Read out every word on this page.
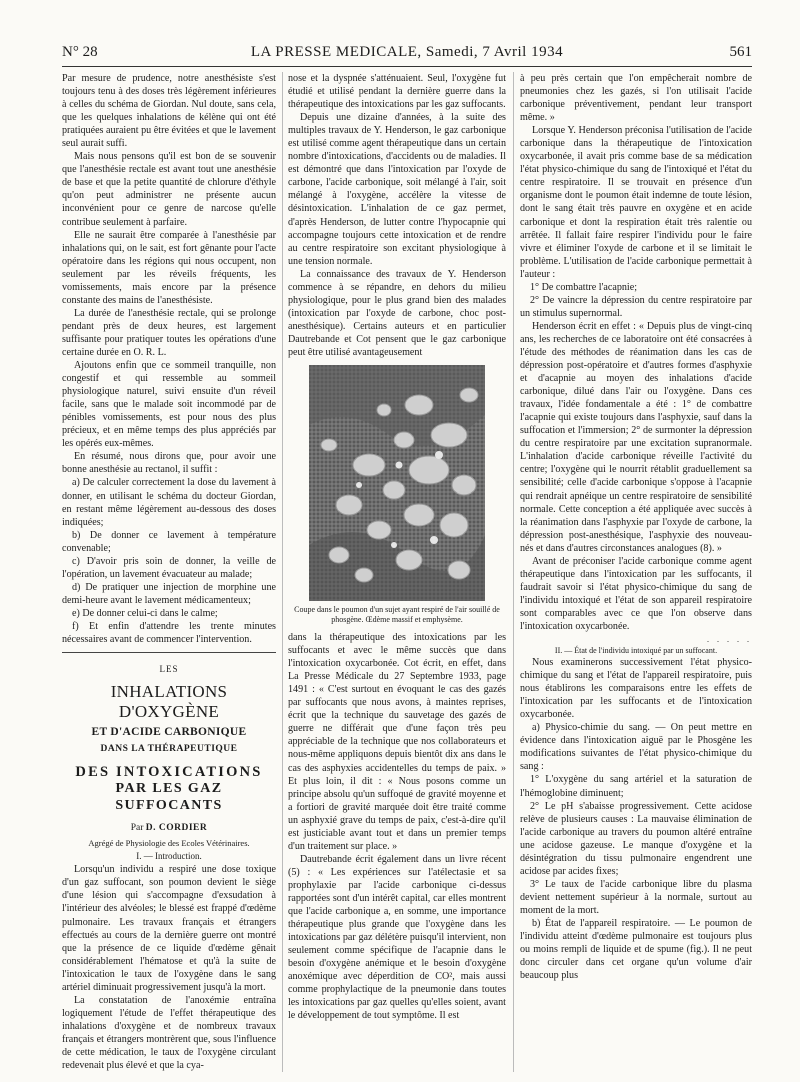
N° 28	LA PRESSE MEDICALE, Samedi, 7 Avril 1934	561

Par mesure de prudence, notre anesthésiste s'est toujours tenu à des doses très légèrement inférieures à celles du schéma de Giordan. Nul doute, sans cela, que les quelques inhalations de kélène qui ont été pratiquées auraient pu être évitées et que le lavement seul aurait suffi.

Mais nous pensons qu'il est bon de se souvenir que l'anesthésie rectale est avant tout une anesthésie de base et que la petite quantité de chlorure d'éthyle qu'on peut administrer ne présente aucun inconvénient pour ce genre de narcose qu'elle contribue seulement à parfaire.

Elle ne saurait être comparée à l'anesthésie par inhalations qui, on le sait, est fort gênante pour l'acte opératoire dans les régions qui nous occupent, non seulement par les réveils fréquents, les vomissements, mais encore par la présence constante des mains de l'anesthésiste.

La durée de l'anesthésie rectale, qui se prolonge pendant près de deux heures, est largement suffisante pour pratiquer toutes les opérations d'une certaine durée en O. R. L.

Ajoutons enfin que ce sommeil tranquille, non congestif et qui ressemble au sommeil physiologique naturel, suivi ensuite d'un réveil facile, sans que le malade soit incommodé par de pénibles vomissements, est pour nous des plus précieux, et en même temps des plus appréciés par les opérés eux-mêmes.

En résumé, nous dirons que, pour avoir une bonne anesthésie au rectanol, il suffit :

a) De calculer correctement la dose du lavement à donner, en utilisant le schéma du docteur Giordan, en restant même légèrement au-dessous des doses indiquées;

b) De donner ce lavement à température convenable;

c) D'avoir pris soin de donner, la veille de l'opération, un lavement évacuateur au malade;

d) De pratiquer une injection de morphine une demi-heure avant le lavement médicamenteux;

e) De donner celui-ci dans le calme;

f) Et enfin d'attendre les trente minutes nécessaires avant de commencer l'intervention.

LES
INHALATIONS D'OXYGÈNE
ET D'ACIDE CARBONIQUE
DANS LA THÉRAPEUTIQUE
DES INTOXICATIONS
PAR LES GAZ SUFFOCANTS
Par D. CORDIER
Agrégé de Physiologie des Ecoles Vétérinaires.

I. — Introduction.

Lorsqu'un individu a respiré une dose toxique d'un gaz suffocant, son poumon devient le siège d'une lésion qui s'accompagne d'exsudation à l'intérieur des alvéoles; le blessé est frappé d'œdème pulmonaire. Les travaux français et étrangers effectués au cours de la dernière guerre ont montré que la présence de ce liquide d'œdème gênait considérablement l'hématose et qu'à la suite de l'intoxication le taux de l'oxygène dans le sang artériel diminuait progressivement jusqu'à la mort.

La constatation de l'anoxémie entraîna logiquement l'étude de l'effet thérapeutique des inhalations d'oxygène et de nombreux travaux français et étrangers montrèrent que, sous l'influence de cette médication, le taux de l'oxygène circulant redevenait plus élevé et que la cya-

nose et la dyspnée s'atténuaient. Seul, l'oxygène fut étudié et utilisé pendant la dernière guerre dans la thérapeutique des intoxications par les gaz suffocants.

Depuis une dizaine d'années, à la suite des multiples travaux de Y. Henderson, le gaz carbonique est utilisé comme agent thérapeutique dans un certain nombre d'intoxications, d'accidents ou de maladies. Il est démontré que dans l'intoxication par l'oxyde de carbone, l'acide carbonique, soit mélangé à l'air, soit mélangé à l'oxygène, accélère la vitesse de désintoxication. L'inhalation de ce gaz permet, d'après Henderson, de lutter contre l'hypocapnie qui accompagne toujours cette intoxication et de rendre au centre respiratoire son excitant physiologique à une tension normale.

La connaissance des travaux de Y. Henderson commence à se répandre, en dehors du milieu physiologique, pour le plus grand bien des malades (intoxication par l'oxyde de carbone, choc post-anesthésique). Certains auteurs et en particulier Dautrebande et Cot pensent que le gaz carbonique peut être utilisé avantageusement

Coupe dans le poumon d'un sujet ayant respiré de l'air souillé de phosgène. Œdème massif et emphysème.

dans la thérapeutique des intoxications par les suffocants et avec le même succès que dans l'intoxication oxycarbonée. Cot écrit, en effet, dans La Presse Médicale du 27 Septembre 1933, page 1491 : « C'est surtout en évoquant le cas des gazés par suffocants que nous avons, à maintes reprises, écrit que la technique du sauvetage des gazés de guerre ne différait que d'une façon très peu appréciable de la technique que nos collaborateurs et nous-même appliquons depuis bientôt dix ans dans le cas des asphyxies accidentelles du temps de paix. » Et plus loin, il dit : « Nous posons comme un principe absolu qu'un suffoqué de gravité moyenne et a fortiori de gravité marquée doit être traité comme un asphyxié grave du temps de paix, c'est-à-dire qu'il est justiciable avant tout et dans un premier temps d'un traitement sur place. »

Dautrebande écrit également dans un livre récent (5) : « Les expériences sur l'atélectasie et sa prophylaxie par l'acide carbonique ci-dessus rapportées sont d'un intérêt capital, car elles montrent que l'acide carbonique a, en somme, une importance thérapeutique plus grande que l'oxygène dans les intoxications par gaz délétère puisqu'il intervient, non seulement comme spécifique de l'acapnie dans le besoin d'oxygène anémique et le besoin d'oxygène anoxémique avec déperdition de CO², mais aussi comme prophylactique de la pneumonie dans toutes les intoxications par gaz quelles qu'elles soient, avant le développement de tout symptôme. Il est

à peu près certain que l'on empêcherait nombre de pneumonies chez les gazés, si l'on utilisait l'acide carbonique préventivement, pendant leur transport même. »

Lorsque Y. Henderson préconisa l'utilisation de l'acide carbonique dans la thérapeutique de l'intoxication oxycarbonée, il avait pris comme base de sa médication l'état physico-chimique du sang de l'intoxiqué et l'état du centre respiratoire. Il se trouvait en présence d'un organisme dont le poumon était indemne de toute lésion, dont le sang était très pauvre en oxygène et en acide carbonique et dont la respiration était très ralentie ou arrêtée. Il fallait faire respirer l'individu pour le faire vivre et éliminer l'oxyde de carbone et il se limitait le problème. L'utilisation de l'acide carbonique permettait à l'auteur :

1° De combattre l'acapnie;

2° De vaincre la dépression du centre respiratoire par un stimulus supernormal.

Henderson écrit en effet : « Depuis plus de vingt-cinq ans, les recherches de ce laboratoire ont été consacrées à l'étude des méthodes de réanimation dans les cas de dépression post-opératoire et d'autres formes d'asphyxie et d'acapnie au moyen des inhalations d'acide carbonique, dilué dans l'air ou l'oxygène. Dans ces travaux, l'idée fondamentale a été : 1° de combattre l'acapnie qui existe toujours dans l'asphyxie, sauf dans la suffocation et l'immersion; 2° de surmonter la dépression du centre respiratoire par une excitation supranormale. L'inhalation d'acide carbonique réveille l'activité du centre; l'oxygène qui le nourrit rétablit graduellement sa sensibilité; celle d'acide carbonique s'oppose à l'acapnie qui rendrait apnéique un centre respiratoire de sensibilité normale. Cette conception a été appliquée avec succès à la réanimation dans l'asphyxie par l'oxyde de carbone, la dépression post-anesthésique, l'asphyxie des nouveau-nés et dans d'autres circonstances analogues (8). »

Avant de préconiser l'acide carbonique comme agent thérapeutique dans l'intoxication par les suffocants, il faudrait savoir si l'état physico-chimique du sang de l'individu intoxiqué et l'état de son appareil respiratoire sont comparables avec ce que l'on observe dans l'intoxication oxycarbonée.

. . . . .

II. — État de l'individu intoxiqué par un suffocant.

Nous examinerons successivement l'état physico-chimique du sang et l'état de l'appareil respiratoire, puis nous établirons les comparaisons entre les effets de l'intoxication par les suffocants et de l'intoxication oxycarbonée.

a) Physico-chimie du sang. — On peut mettre en évidence dans l'intoxication aiguë par le Phosgène les modifications suivantes de l'état physico-chimique du sang :

1° L'oxygène du sang artériel et la saturation de l'hémoglobine diminuent;

2° Le pH s'abaisse progressivement. Cette acidose relève de plusieurs causes : La mauvaise élimination de l'acide carbonique au travers du poumon altéré entraîne une acidose gazeuse. Le manque d'oxygène et la désintégration du tissu pulmonaire engendrent une acidose par acides fixes;

3° Le taux de l'acide carbonique libre du plasma devient nettement supérieur à la normale, surtout au moment de la mort.

b) État de l'appareil respiratoire. — Le poumon de l'individu atteint d'œdème pulmonaire est toujours plus ou moins rempli de liquide et de spume (fig.). Il ne peut donc circuler dans cet organe qu'un volume d'air beaucoup plus
